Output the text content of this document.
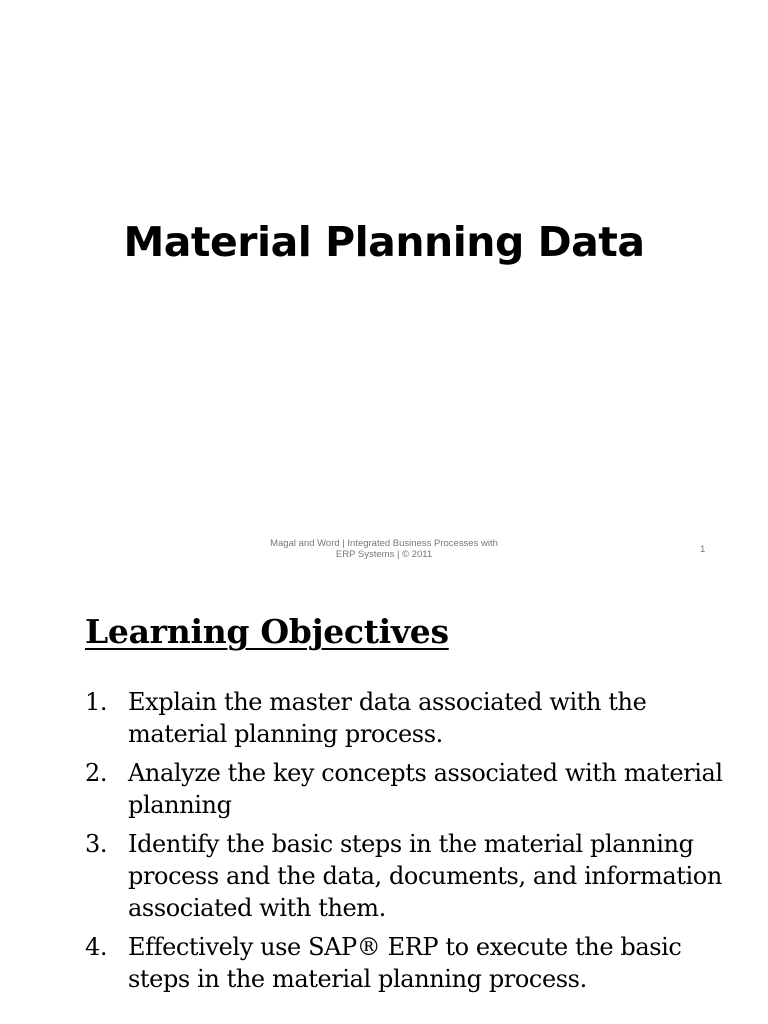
Material Planning Data
Magal and Word | Integrated Business Processes with
ERP Systems | © 2011	1
Learning Objectives
1. Explain the master data associated with the material planning process.
2. Analyze the key concepts associated with material planning
3. Identify the basic steps in the material planning process and the data, documents, and information associated with them.
4. Effectively use SAP® ERP to execute the basic steps in the material planning process.
